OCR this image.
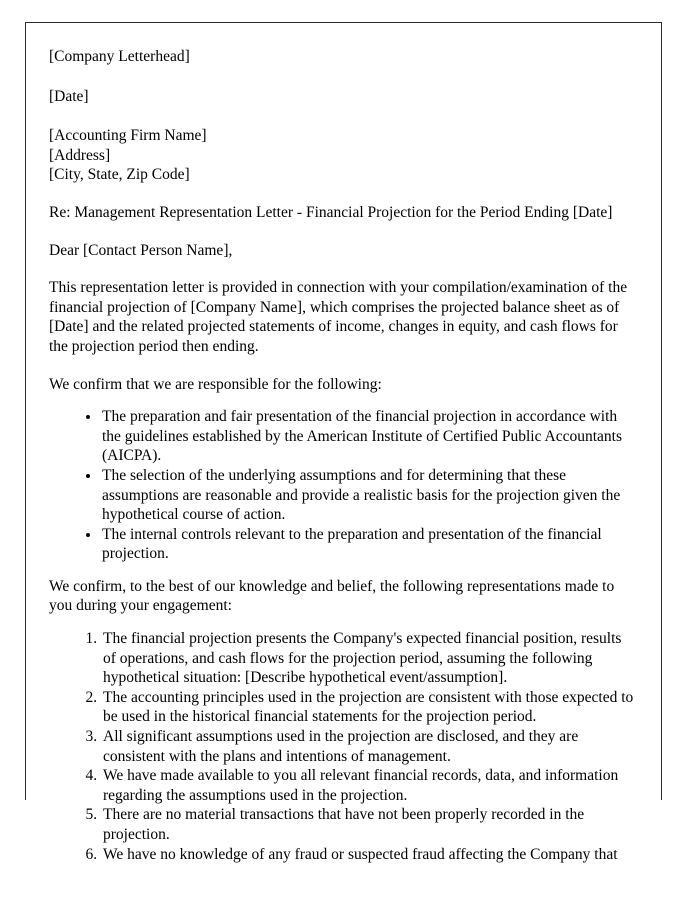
[Company Letterhead]

[Date]

[Accounting Firm Name]

[Address]

[City, State, Zip Code]

Re: Management Representation Letter - Financial Projection for the Period Ending [Date]

Dear [Contact Person Name],

This representation letter is provided in connection with your compilation/examination of the financial projection of [Company Name], which comprises the projected balance sheet as of [Date] and the related projected statements of income, changes in equity, and cash flows for the projection period then ending.

We confirm that we are responsible for the following:

• The preparation and fair presentation of the financial projection in accordance with the guidelines established by the American Institute of Certified Public Accountants (AICPA).
• The selection of the underlying assumptions and for determining that these assumptions are reasonable and provide a realistic basis for the projection given the hypothetical course of action.
• The internal controls relevant to the preparation and presentation of the financial projection.

We confirm, to the best of our knowledge and belief, the following representations made to you during your engagement:

1. The financial projection presents the Company's expected financial position, results of operations, and cash flows for the projection period, assuming the following hypothetical situation: [Describe hypothetical event/assumption].
2. The accounting principles used in the projection are consistent with those expected to be used in the historical financial statements for the projection period.
3. All significant assumptions used in the projection are disclosed, and they are consistent with the plans and intentions of management.
4. We have made available to you all relevant financial records, data, and information regarding the assumptions used in the projection.
5. There are no material transactions that have not been properly recorded in the projection.
6. We have no knowledge of any fraud or suspected fraud affecting the Company that
